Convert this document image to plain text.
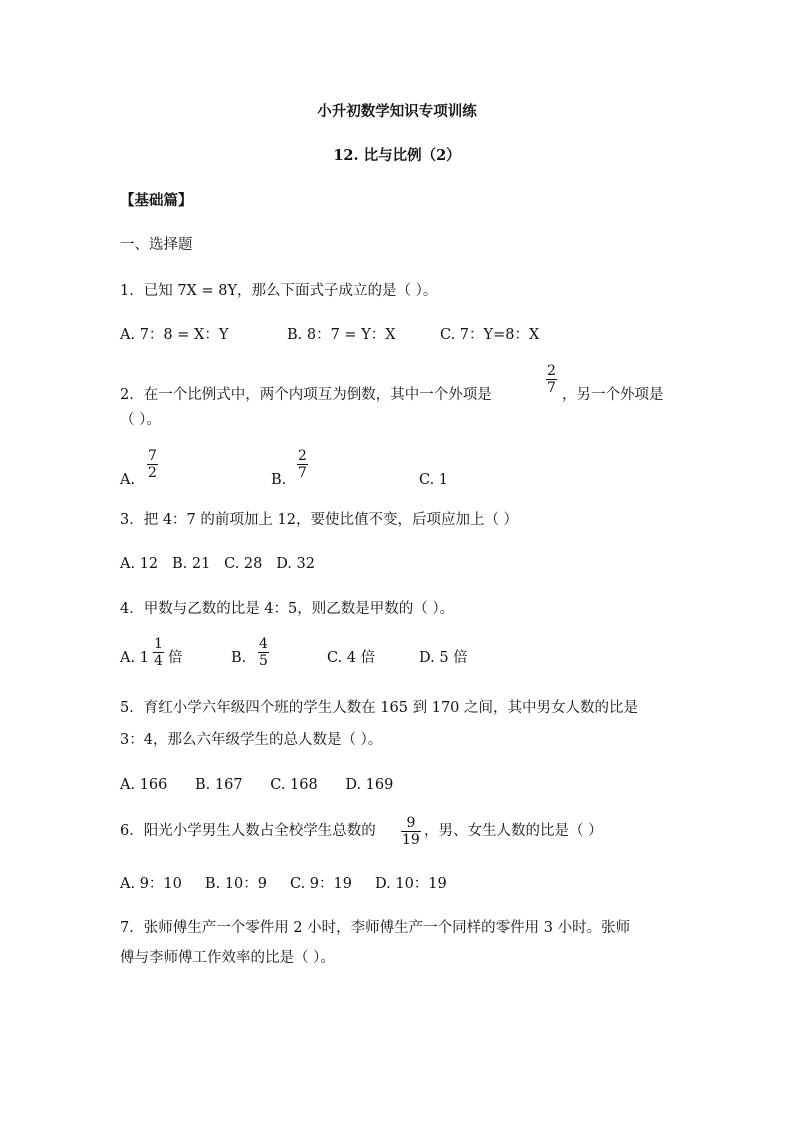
小升初数学知识专项训练
12. 比与比例（2）
【基础篇】
一、选择题
1．已知 7X = 8Y，那么下面式子成立的是（ ）。
A. 7：8 = X：Y	B. 8：7 = Y：X	C. 7：Y=8：X
2．在一个比例式中，两个内项互为倒数，其中一个外项是
2
7 ，另一个外项是
（ ）。
A.
7
2	B.
2
7	C. 1
3．把 4：7 的前项加上 12，要使比值不变，后项应加上（ ）
A. 12   B. 21   C. 28   D. 32
4．甲数与乙数的比是 4：5，则乙数是甲数的（ ）。
A. 1
1
4 倍	B.
4
5	C. 4 倍	D. 5 倍
5．育红小学六年级四个班的学生人数在 165 到 170 之间，其中男女人数的比是
3：4，那么六年级学生的总人数是（ ）。
A. 166      B. 167      C. 168      D. 169
6．阳光小学男生人数占全校学生总数的 9
19
，男、女生人数的比是（ ）
A. 9：10     B. 10：9     C. 9：19     D. 10：19
7．张师傅生产一个零件用 2 小时，李师傅生产一个同样的零件用 3 小时。张师
傅与李师傅工作效率的比是（ ）。
